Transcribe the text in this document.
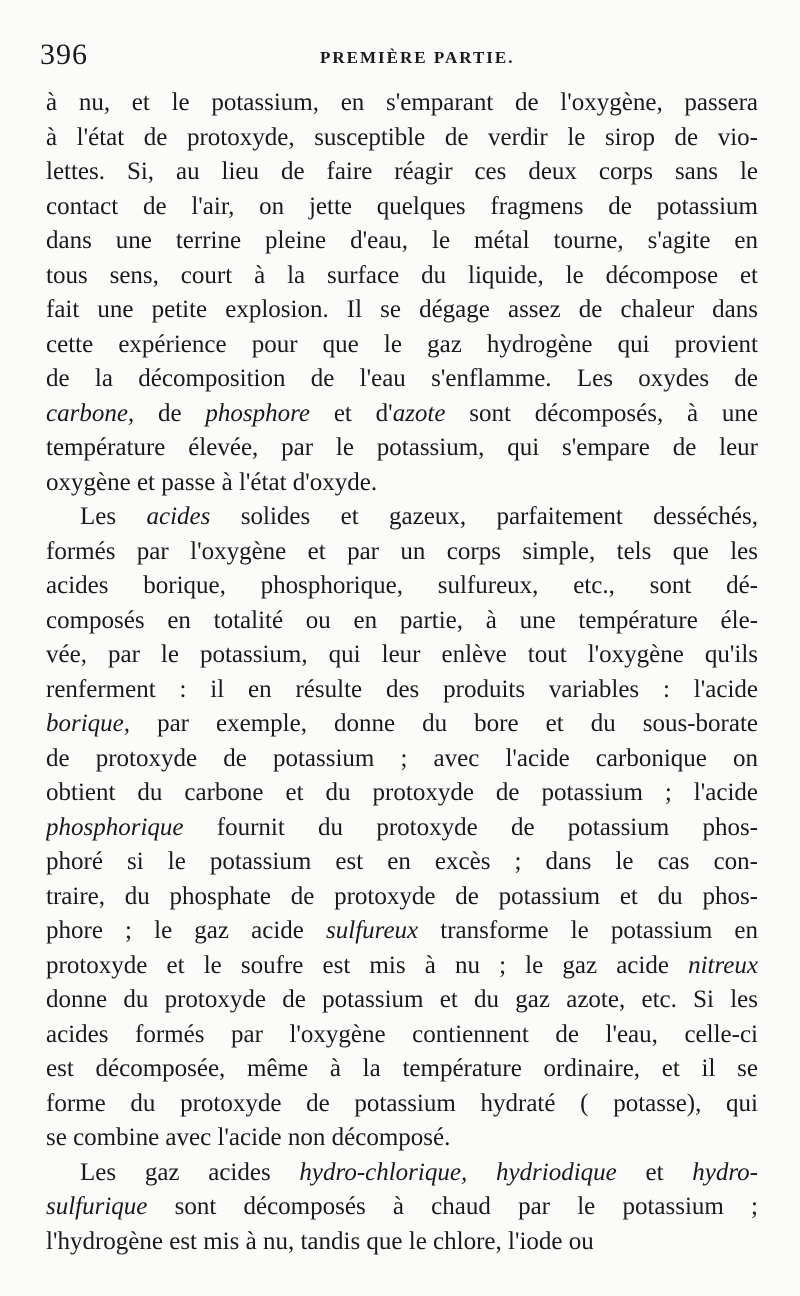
396	PREMIÈRE PARTIE.
à nu, et le potassium, en s'emparant de l'oxygène, passera
à l'état de protoxyde, susceptible de verdir le sirop de vio-
lettes. Si, au lieu de faire réagir ces deux corps sans le
contact de l'air, on jette quelques fragmens de potassium
dans une terrine pleine d'eau, le métal tourne, s'agite en
tous sens, court à la surface du liquide, le décompose et
fait une petite explosion. Il se dégage assez de chaleur dans
cette expérience pour que le gaz hydrogène qui provient
de la décomposition de l'eau s'enflamme. Les oxydes de
carbone, de phosphore et d'azote sont décomposés, à une
température élevée, par le potassium, qui s'empare de leur
oxygène et passe à l'état d'oxyde.
Les acides solides et gazeux, parfaitement desséchés,
formés par l'oxygène et par un corps simple, tels que les
acides borique, phosphorique, sulfureux, etc., sont dé-
composés en totalité ou en partie, à une température éle-
vée, par le potassium, qui leur enlève tout l'oxygène qu'ils
renferment : il en résulte des produits variables : l'acide
borique, par exemple, donne du bore et du sous-borate
de protoxyde de potassium ; avec l'acide carbonique on
obtient du carbone et du protoxyde de potassium ; l'acide
phosphorique fournit du protoxyde de potassium phos-
phoré si le potassium est en excès ; dans le cas con-
traire, du phosphate de protoxyde de potassium et du phos-
phore ; le gaz acide sulfureux transforme le potassium en
protoxyde et le soufre est mis à nu ; le gaz acide nitreux
donne du protoxyde de potassium et du gaz azote, etc. Si les
acides formés par l'oxygène contiennent de l'eau, celle-ci
est décomposée, même à la température ordinaire, et il se
forme du protoxyde de potassium hydraté ( potasse), qui
se combine avec l'acide non décomposé.
Les gaz acides hydro-chlorique, hydriodique et hydro-
sulfurique sont décomposés à chaud par le potassium ;
l'hydrogène est mis à nu, tandis que le chlore, l'iode ou
